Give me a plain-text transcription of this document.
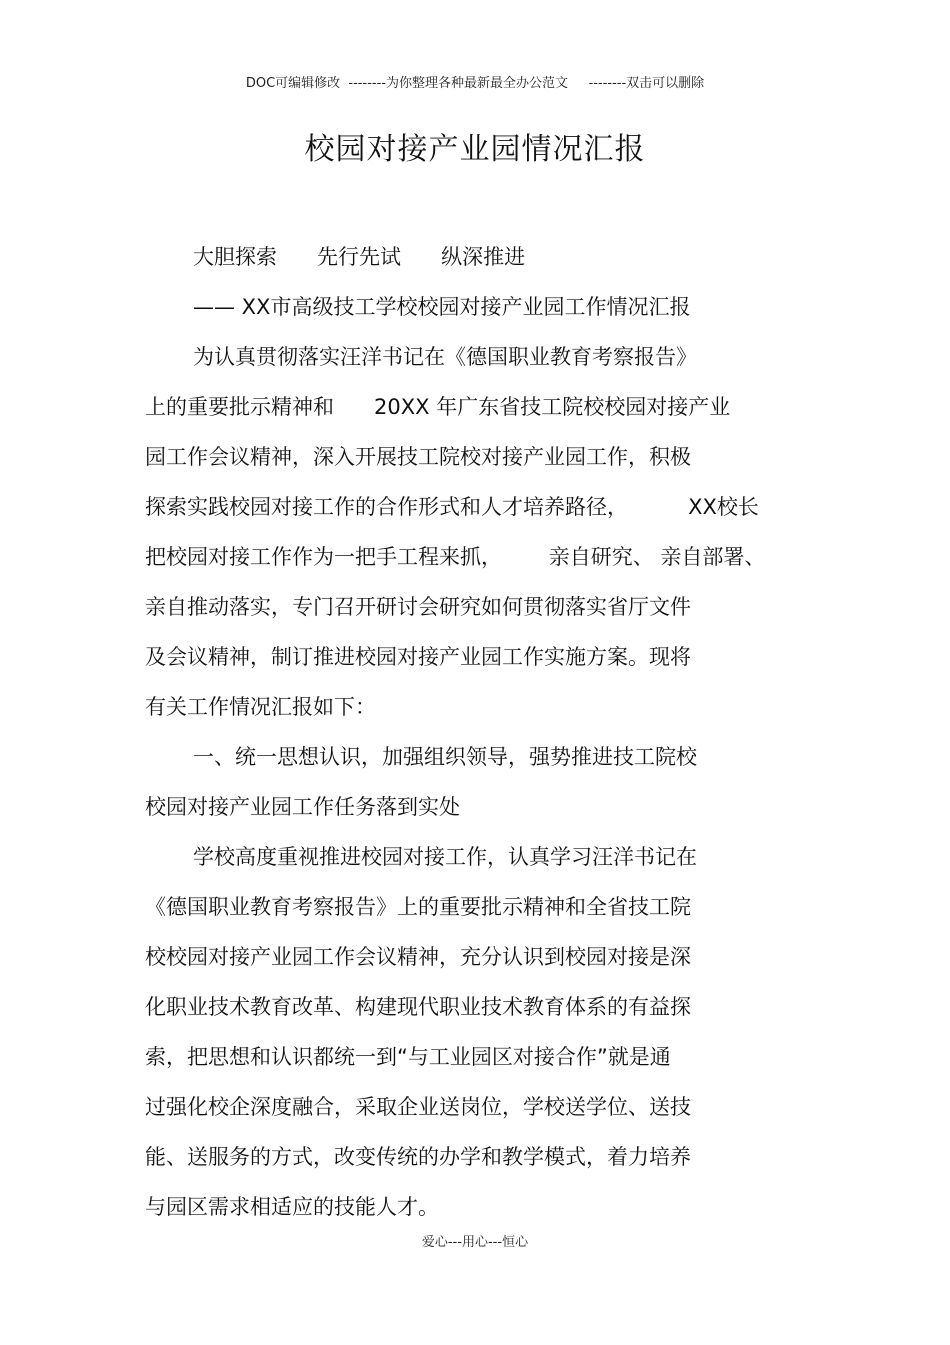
DOC可编辑修改  --------为你整理各种最新最全办公范文     --------双击可以删除
校园对接产业园情况汇报
大胆探索      先行先试      纵深推进
—— XX市高级技工学校校园对接产业园工作情况汇报
为认真贯彻落实汪洋书记在《德国职业教育考察报告》
上的重要批示精神和      20XX 年广东省技工院校校园对接产业
园工作会议精神，深入开展技工院校对接产业园工作，积极
探索实践校园对接工作的合作形式和人才培养路径，         XX校长
把校园对接工作作为一把手工程来抓，       亲自研究、 亲自部署、
亲自推动落实，专门召开研讨会研究如何贯彻落实省厅文件
及会议精神，制订推进校园对接产业园工作实施方案。现将
有关工作情况汇报如下：
一、统一思想认识，加强组织领导，强势推进技工院校
校园对接产业园工作任务落到实处
学校高度重视推进校园对接工作，认真学习汪洋书记在
《德国职业教育考察报告》上的重要批示精神和全省技工院
校校园对接产业园工作会议精神，充分认识到校园对接是深
化职业技术教育改革、构建现代职业技术教育体系的有益探
索，把思想和认识都统一到“与工业园区对接合作”就是通
过强化校企深度融合，采取企业送岗位，学校送学位、送技
能、送服务的方式，改变传统的办学和教学模式，着力培养
与园区需求相适应的技能人才。
爱心---用心---恒心
